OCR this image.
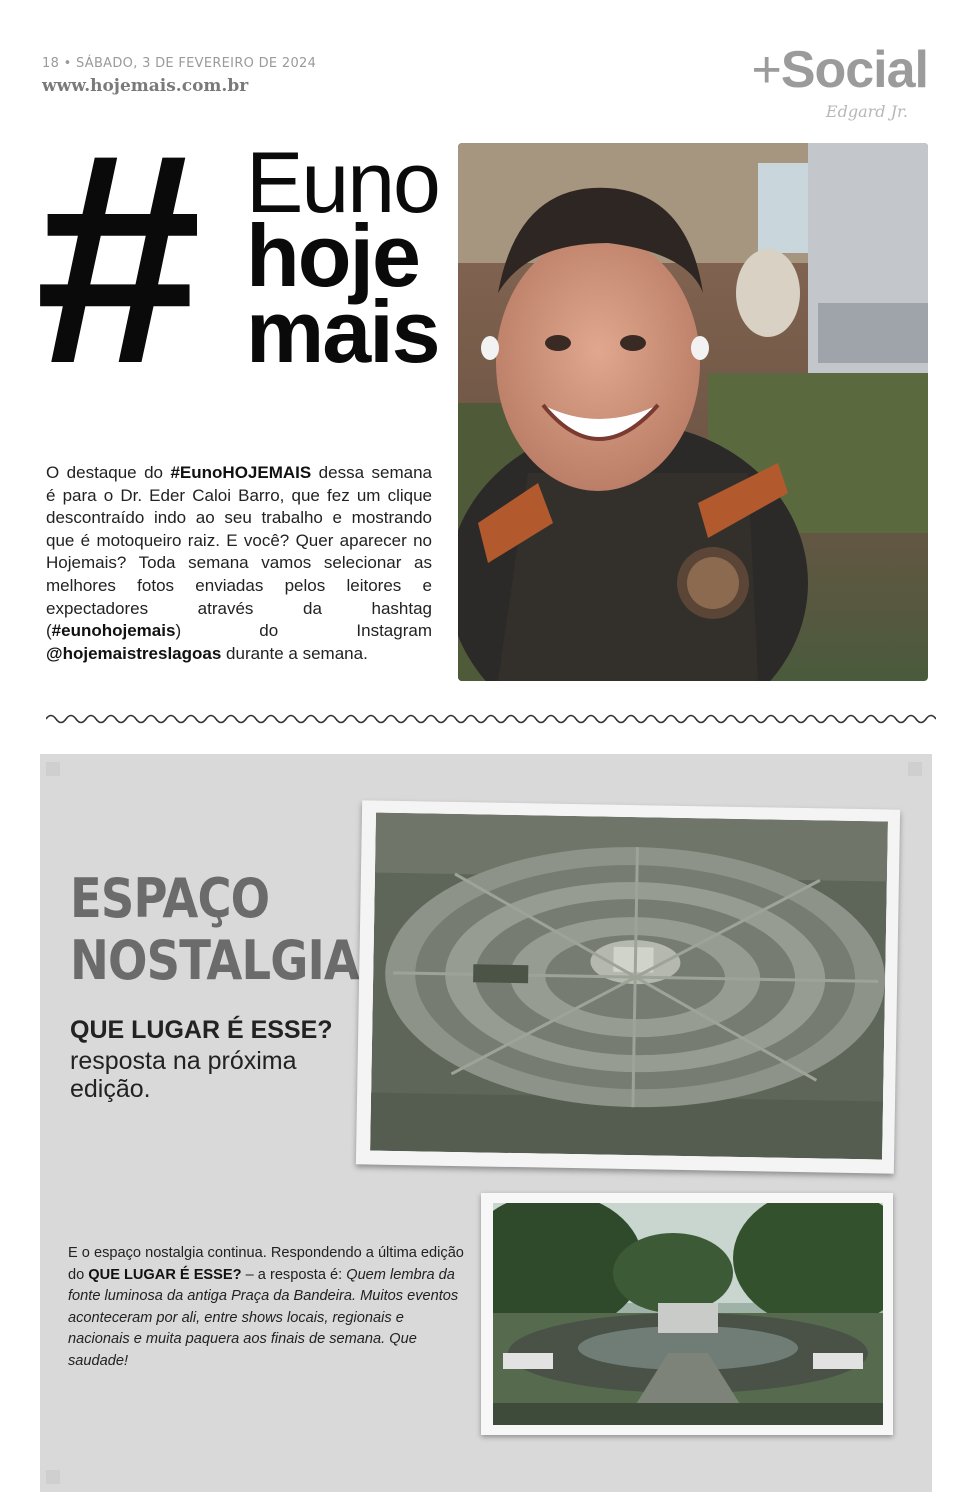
18 • SÁBADO, 3 DE FEVEREIRO DE 2024
www.hojemais.com.br	+Social
Edgard Jr.
# Euno
hoje
mais
O destaque do #EunoHOJEMAIS dessa semana é para o Dr. Eder Caloi Barro, que fez um clique descontraído indo ao seu trabalho e mostrando que é motoqueiro raiz. E você? Quer aparecer no Hojemais? Toda semana vamos selecionar as melhores fotos enviadas pelos leitores e expectadores através da hashtag (#eunohojemais) do Instagram @hojemaistreslagoas durante a semana.
ESPAÇO
NOSTALGIA
QUE LUGAR É ESSE?
resposta na próxima edição.
E o espaço nostalgia continua. Respondendo a última edição do QUE LUGAR É ESSE? – a resposta é: Quem lembra da fonte luminosa da antiga Praça da Bandeira. Muitos eventos aconteceram por ali, entre shows locais, regionais e nacionais e muita paquera aos finais de semana. Que saudade!
